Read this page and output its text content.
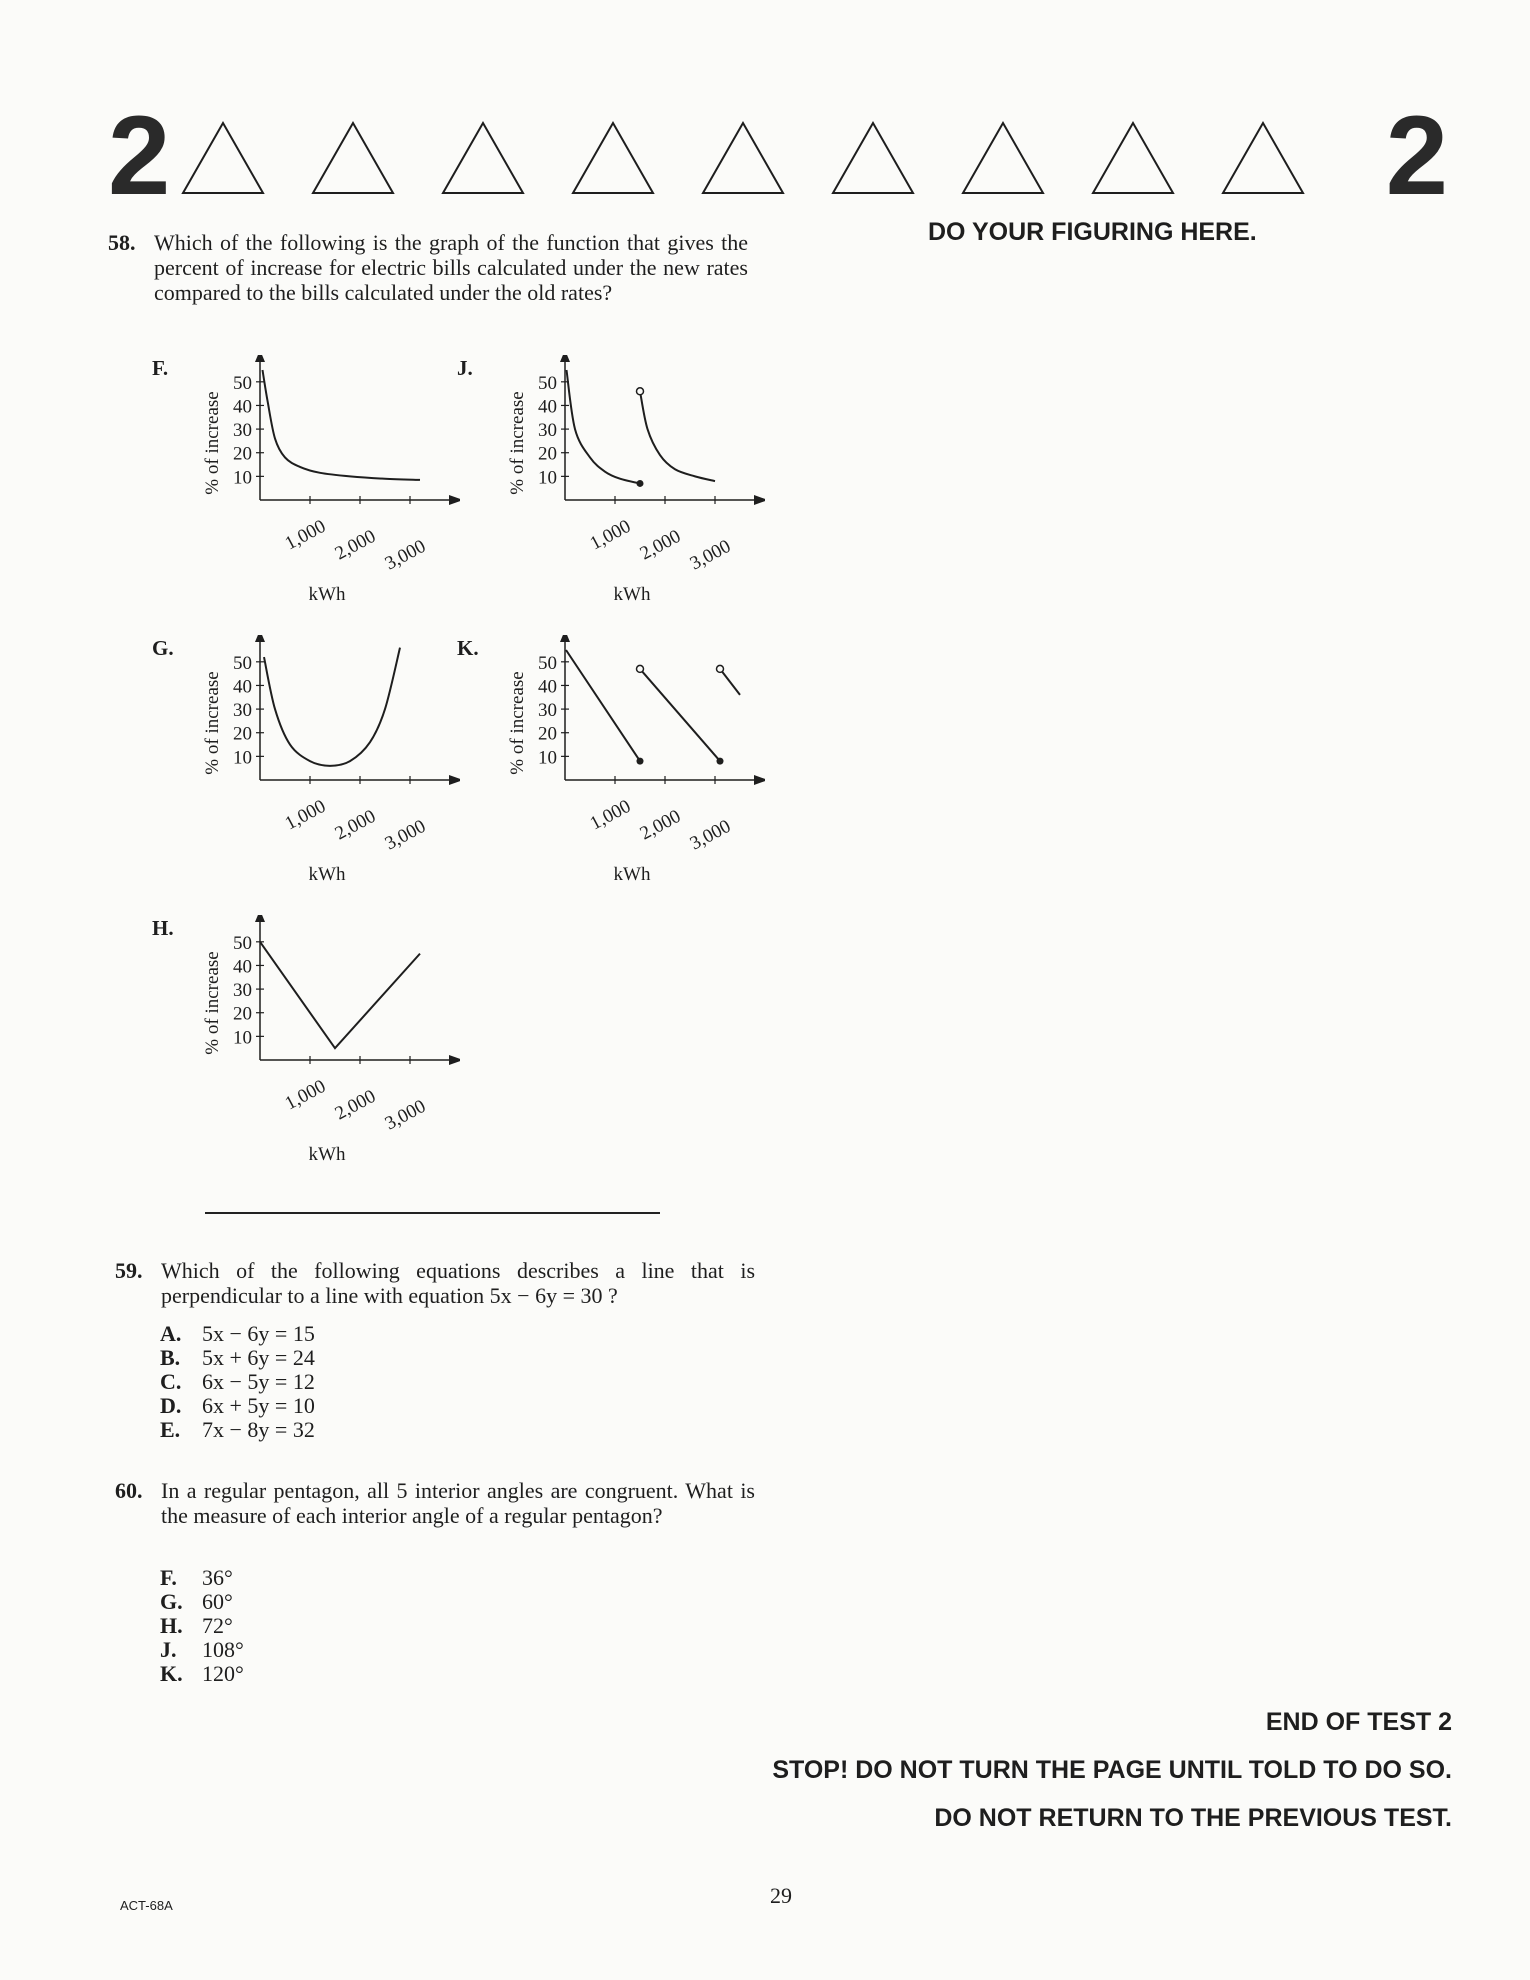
2	2
DO YOUR FIGURING HERE.
58. Which of the following is the graph of the function that gives the percent of increase for electric bills calculated under the new rates compared to the bills calculated under the old rates?
F.
10
20
30
40
50
1,000 2,000 3,000
% of increase
kWh
J.
10
20
30
40
50
1,000 2,000 3,000
% of increase
kWh
G.
10
20
30
40
50
1,000 2,000 3,000
% of increase
kWh
K.
10
20
30
40
50
1,000 2,000 3,000
% of increase
kWh
H.
10
20
30
40
50
1,000 2,000 3,000
% of increase
kWh
59. Which of the following equations describes a line that is perpendicular to a line with equation 5x − 6y = 30 ?
A. 5x − 6y = 15
B. 5x + 6y = 24
C. 6x − 5y = 12
D. 6x + 5y = 10
E. 7x − 8y = 32
60. In a regular pentagon, all 5 interior angles are congruent. What is the measure of each interior angle of a regular pentagon?
F.	36°
G. 60°
H. 72°
J.	108°
K. 120°
END OF TEST 2
STOP! DO NOT TURN THE PAGE UNTIL TOLD TO DO SO.
DO NOT RETURN TO THE PREVIOUS TEST.
29
ACT-68A
